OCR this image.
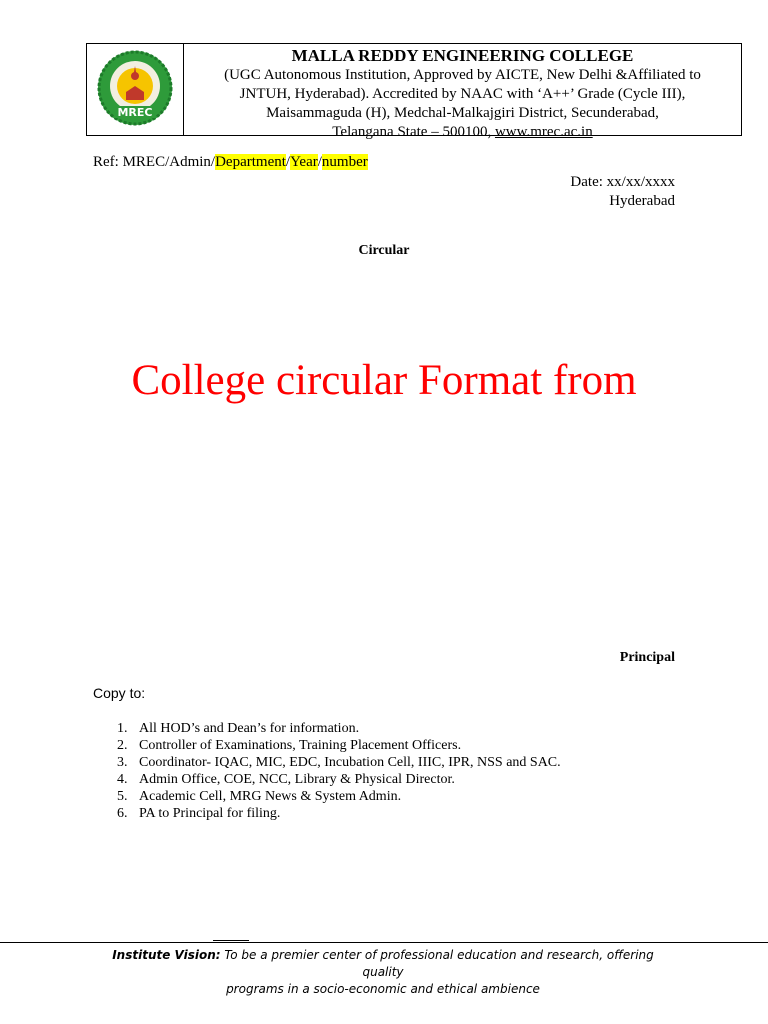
MREC
MALLA REDDY ENGINEERING COLLEGE
(UGC Autonomous Institution, Approved by AICTE, New Delhi &Affiliated to
JNTUH, Hyderabad). Accredited by NAAC with ‘A++’ Grade (Cycle III),
Maisammaguda (H), Medchal-Malkajgiri District, Secunderabad,
Telangana State – 500100, www.mrec.ac.in
Ref: MREC/Admin/Department/Year/number
Date: xx/xx/xxxx
Hyderabad
Circular
College circular Format from
Principal
Copy to:
1. All HOD’s and Dean’s for information.
2. Controller of Examinations, Training Placement Officers.
3. Coordinator- IQAC, MIC, EDC, Incubation Cell, IIIC, IPR, NSS and SAC.
4. Admin Office, COE, NCC, Library & Physical Director.
5. Academic Cell, MRG News & System Admin.
6. PA to Principal for filing.
Institute Vision: To be a premier center of professional education and research, offering quality
programs in a socio-economic and ethical ambience
